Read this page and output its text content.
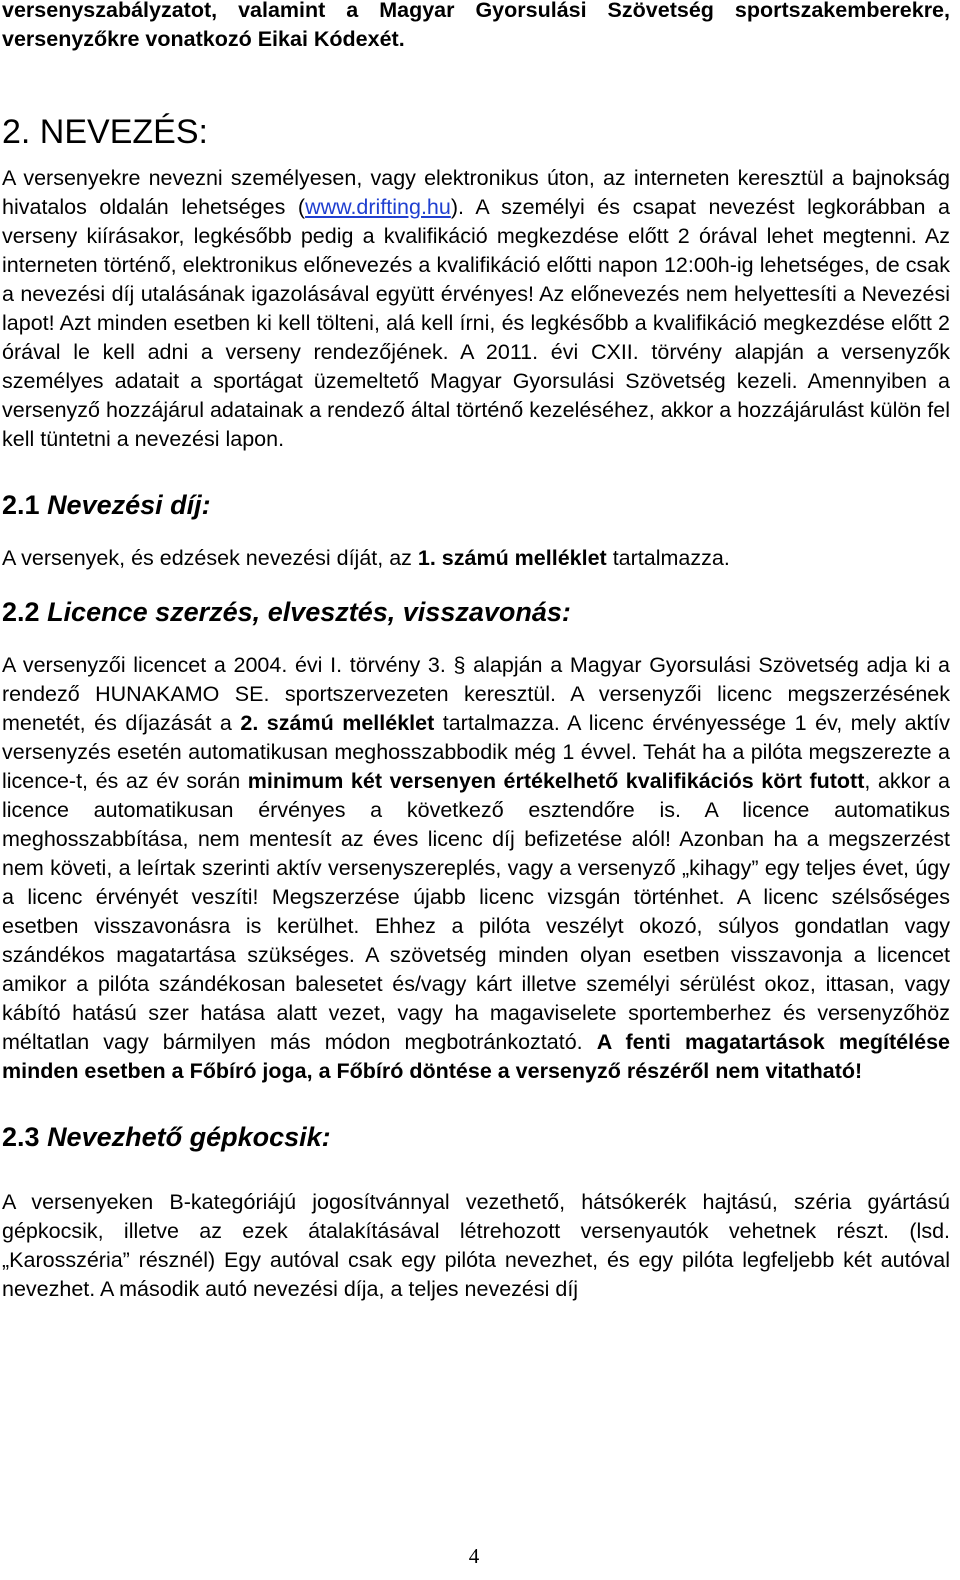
versenyszabályzatot, valamint a Magyar Gyorsulási Szövetség sportszakemberekre, versenyzőkre vonatkozó Eikai Kódexét.

2. NEVEZÉS:

A versenyekre nevezni személyesen, vagy elektronikus úton, az interneten keresztül a bajnokság hivatalos oldalán lehetséges (www.drifting.hu). A személyi és csapat nevezést legkorábban a verseny kiírásakor, legkésőbb pedig a kvalifikáció megkezdése előtt 2 órával lehet megtenni. Az interneten történő, elektronikus előnevezés a kvalifikáció előtti napon 12:00h-ig lehetséges, de csak a nevezési díj utalásának igazolásával együtt érvényes! Az előnevezés nem helyettesíti a Nevezési lapot! Azt minden esetben ki kell tölteni, alá kell írni, és legkésőbb a kvalifikáció megkezdése előtt 2 órával le kell adni a verseny rendezőjének. A 2011. évi CXII. törvény alapján a versenyzők személyes adatait a sportágat üzemeltető Magyar Gyorsulási Szövetség kezeli. Amennyiben a versenyző hozzájárul adatainak a rendező által történő kezeléséhez, akkor a hozzájárulást külön fel kell tüntetni a nevezési lapon.

2.1 Nevezési díj:

A versenyek, és edzések nevezési díját, az 1. számú melléklet tartalmazza.

2.2 Licence szerzés, elvesztés, visszavonás:

A versenyzői licencet a 2004. évi I. törvény 3. § alapján a Magyar Gyorsulási Szövetség adja ki a rendező HUNAKAMO SE. sportszervezeten keresztül. A versenyzői licenc megszerzésének menetét, és díjazását a 2. számú melléklet tartalmazza. A licenc érvényessége 1 év, mely aktív versenyzés esetén automatikusan meghosszabbodik még 1 évvel. Tehát ha a pilóta megszerezte a licence-t, és az év során minimum két versenyen értékelhető kvalifikációs kört futott, akkor a licence automatikusan érvényes a következő esztendőre is. A licence automatikus meghosszabbítása, nem mentesít az éves licenc díj befizetése alól! Azonban ha a megszerzést nem követi, a leírtak szerinti aktív versenyszereplés, vagy a versenyző „kihagy” egy teljes évet, úgy a licenc érvényét veszíti! Megszerzése újabb licenc vizsgán történhet. A licenc szélsőséges esetben visszavonásra is kerülhet. Ehhez a pilóta veszélyt okozó, súlyos gondatlan vagy szándékos magatartása szükséges. A szövetség minden olyan esetben visszavonja a licencet amikor a pilóta szándékosan balesetet és/vagy kárt illetve személyi sérülést okoz, ittasan, vagy kábító hatású szer hatása alatt vezet, vagy ha magaviselete sportemberhez és versenyzőhöz méltatlan vagy bármilyen más módon megbotránkoztató. A fenti magatartások megítélése minden esetben a Főbíró joga, a Főbíró döntése a versenyző részéről nem vitatható!

2.3 Nevezhető gépkocsik:

A versenyeken B-kategóriájú jogosítvánnyal vezethető, hátsókerék hajtású, széria gyártású gépkocsik, illetve az ezek átalakításával létrehozott versenyautók vehetnek részt. (lsd. „Karosszéria” résznél) Egy autóval csak egy pilóta nevezhet, és egy pilóta legfeljebb két autóval nevezhet. A második autó nevezési díja, a teljes nevezési díj

4
